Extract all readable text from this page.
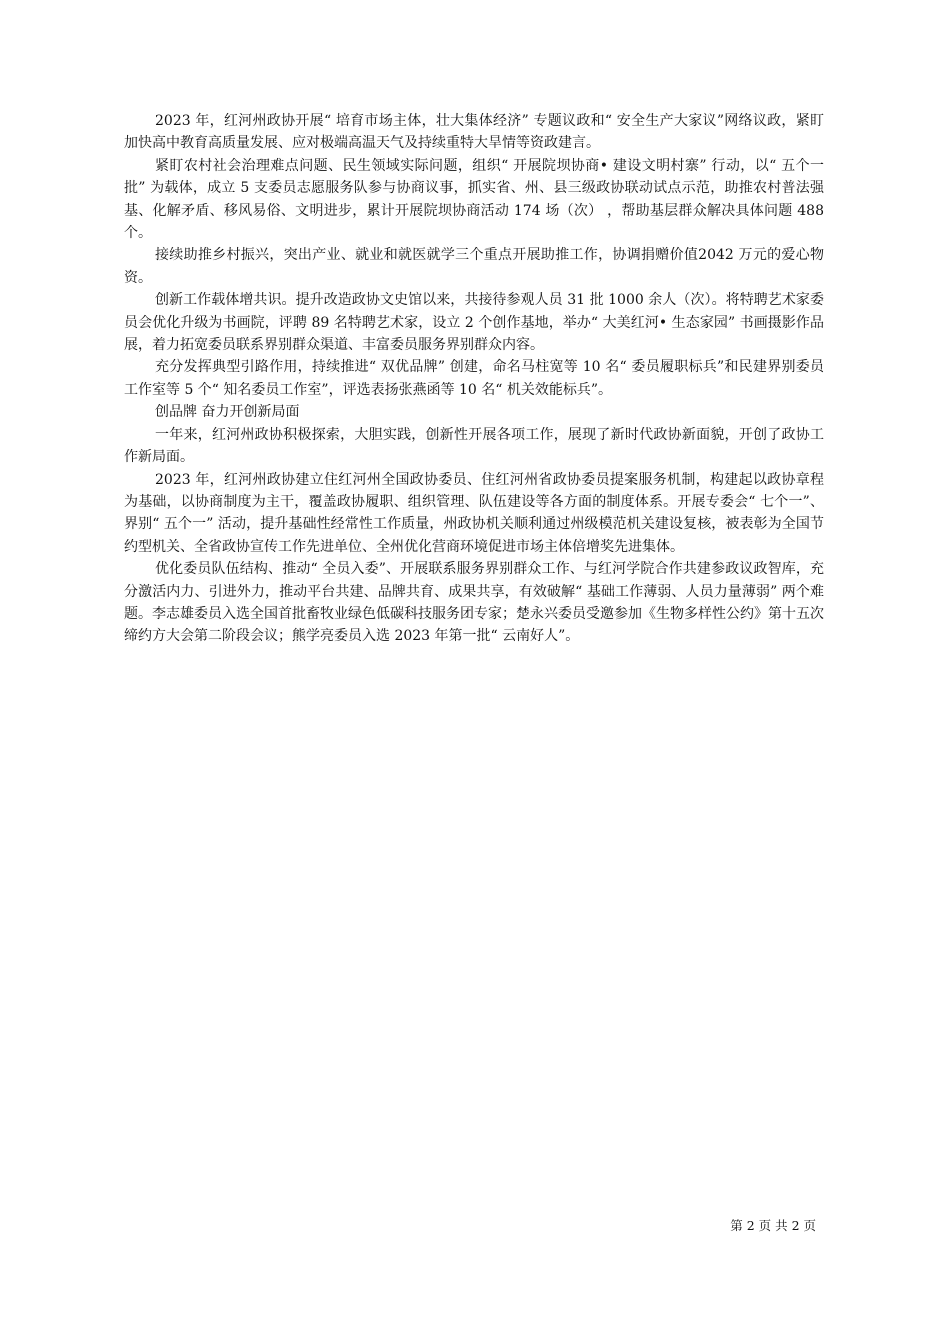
2023 年，红河州政协开展“ 培育市场主体，壮大集体经济” 专题议政和“ 安全生产大家议”网络议政，紧盯加快高中教育高质量发展、应对极端高温天气及持续重特大旱情等资政建言。

紧盯农村社会治理难点问题、民生领域实际问题，组织“ 开展院坝协商• 建设文明村寨” 行动，以“ 五个一批” 为载体，成立 5 支委员志愿服务队参与协商议事，抓实省、州、县三级政协联动试点示范，助推农村普法强基、化解矛盾、移风易俗、文明进步，累计开展院坝协商活动 174 场（次） ，帮助基层群众解决具体问题 488 个。

接续助推乡村振兴，突出产业、就业和就医就学三个重点开展助推工作，协调捐赠价值2042 万元的爱心物资。

创新工作载体增共识。提升改造政协文史馆以来，共接待参观人员 31 批 1000 余人（次）。将特聘艺术家委员会优化升级为书画院，评聘 89 名特聘艺术家，设立 2 个创作基地，举办“ 大美红河• 生态家园” 书画摄影作品展，着力拓宽委员联系界别群众渠道、丰富委员服务界别群众内容。

充分发挥典型引路作用，持续推进“ 双优品牌” 创建，命名马柱宽等 10 名“ 委员履职标兵”和民建界别委员工作室等 5 个“ 知名委员工作室”，评选表扬张燕函等 10 名“ 机关效能标兵”。

创品牌 奋力开创新局面

一年来，红河州政协积极探索，大胆实践，创新性开展各项工作，展现了新时代政协新面貌，开创了政协工作新局面。

2023 年，红河州政协建立住红河州全国政协委员、住红河州省政协委员提案服务机制，构建起以政协章程为基础，以协商制度为主干，覆盖政协履职、组织管理、队伍建设等各方面的制度体系。开展专委会“ 七个一”、界别“ 五个一” 活动，提升基础性经常性工作质量，州政协机关顺利通过州级模范机关建设复核，被表彰为全国节约型机关、全省政协宣传工作先进单位、全州优化营商环境促进市场主体倍增奖先进集体。

优化委员队伍结构、推动“ 全员入委”、开展联系服务界别群众工作、与红河学院合作共建参政议政智库，充分激活内力、引进外力，推动平台共建、品牌共育、成果共享，有效破解“ 基础工作薄弱、人员力量薄弱” 两个难题。李志雄委员入选全国首批畜牧业绿色低碳科技服务团专家；楚永兴委员受邀参加《生物多样性公约》第十五次缔约方大会第二阶段会议；熊学亮委员入选 2023 年第一批“ 云南好人”。

第 2 页 共 2 页
